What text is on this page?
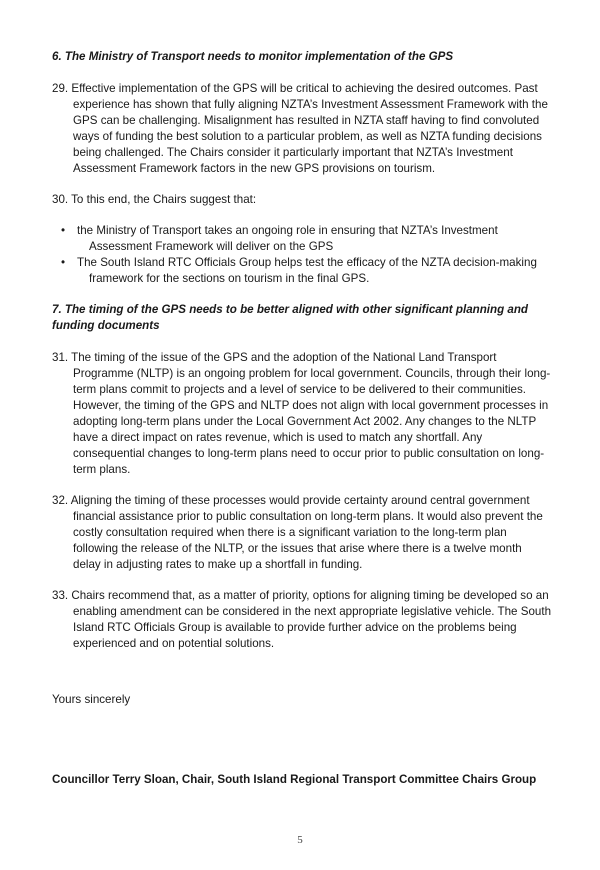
6. The Ministry of Transport needs to monitor implementation of the GPS

29. Effective implementation of the GPS will be critical to achieving the desired outcomes. Past experience has shown that fully aligning NZTA’s Investment Assessment Framework with the GPS can be challenging. Misalignment has resulted in NZTA staff having to find convoluted ways of funding the best solution to a particular problem, as well as NZTA funding decisions being challenged. The Chairs consider it particularly important that NZTA’s Investment Assessment Framework factors in the new GPS provisions on tourism.

30. To this end, the Chairs suggest that:

•	the Ministry of Transport takes an ongoing role in ensuring that NZTA’s Investment Assessment Framework will deliver on the GPS
•	The South Island RTC Officials Group helps test the efficacy of the NZTA decision-making framework for the sections on tourism in the final GPS.

7. The timing of the GPS needs to be better aligned with other significant planning and funding documents

31. The timing of the issue of the GPS and the adoption of the National Land Transport Programme (NLTP) is an ongoing problem for local government. Councils, through their long-term plans commit to projects and a level of service to be delivered to their communities. However, the timing of the GPS and NLTP does not align with local government processes in adopting long-term plans under the Local Government Act 2002. Any changes to the NLTP have a direct impact on rates revenue, which is used to match any shortfall. Any consequential changes to long-term plans need to occur prior to public consultation on long-term plans.

32. Aligning the timing of these processes would provide certainty around central government financial assistance prior to public consultation on long-term plans. It would also prevent the costly consultation required when there is a significant variation to the long-term plan following the release of the NLTP, or the issues that arise where there is a twelve month delay in adjusting rates to make up a shortfall in funding.

33. Chairs recommend that, as a matter of priority, options for aligning timing be developed so an enabling amendment can be considered in the next appropriate legislative vehicle. The South Island RTC Officials Group is available to provide further advice on the problems being experienced and on potential solutions.

Yours sincerely

Councillor Terry Sloan, Chair, South Island Regional Transport Committee Chairs Group

5
